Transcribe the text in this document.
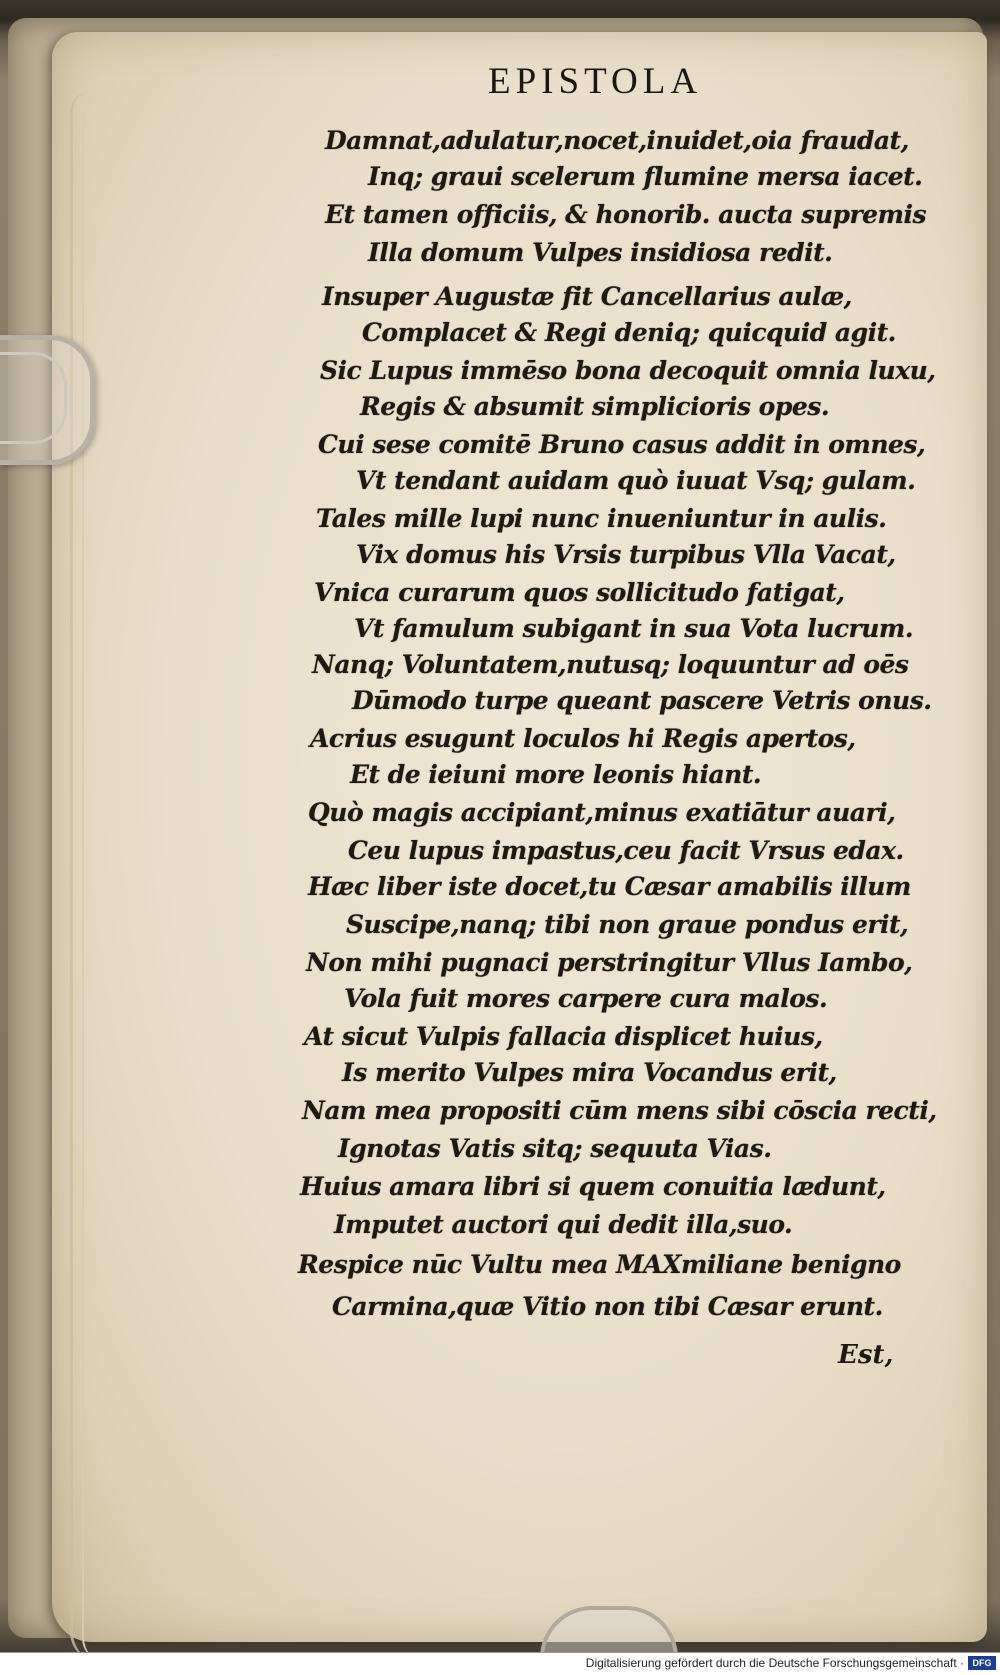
EPISTOLA
Damnat,adulatur,nocet,inuidet,oia fraudat,
Inq; graui scelerum flumine mersa iacet.
Et tamen officiis, & honorib. aucta supremis
Illa domum Vulpes insidiosa redit.
Insuper Augustæ fit Cancellarius aulæ,
Complacet & Regi deniq; quicquid agit.
Sic Lupus immēso bona decoquit omnia luxu,
Regis & absumit simplicioris opes.
Cui sese comitē Bruno casus addit in omnes,
Vt tendant auidam quò iuuat Vsq; gulam.
Tales mille lupi nunc inueniuntur in aulis.
Vix domus his Vrsis turpibus Vlla Vacat,
Vnica curarum quos sollicitudo fatigat,
Vt famulum subigant in sua Vota lucrum.
Nanq; Voluntatem,nutusq; loquuntur ad oēs
Dūmodo turpe queant pascere Vetris onus.
Acrius esugunt loculos hi Regis apertos,
Et de ieiuni more leonis hiant.
Quò magis accipiant,minus exatiātur auari,
Ceu lupus impastus,ceu facit Vrsus edax.
Hæc liber iste docet,tu Cæsar amabilis illum
Suscipe,nanq; tibi non graue pondus erit,
Non mihi pugnaci perstringitur Vllus Iambo,
Vola fuit mores carpere cura malos.
At sicut Vulpis fallacia displicet huius,
Is merito Vulpes mira Vocandus erit,
Nam mea propositi cūm mens sibi cōscia recti,
Ignotas Vatis sitq; sequuta Vias.
Huius amara libri si quem conuitia lædunt,
Imputet auctori qui dedit illa,suo.
Respice nūc Vultu mea MAXmiliane benigno
Carmina,quæ Vitio non tibi Cæsar erunt.
Est,
Digitalisierung gefördert durch die Deutsche Forschungsgemeinschaft · DFG
